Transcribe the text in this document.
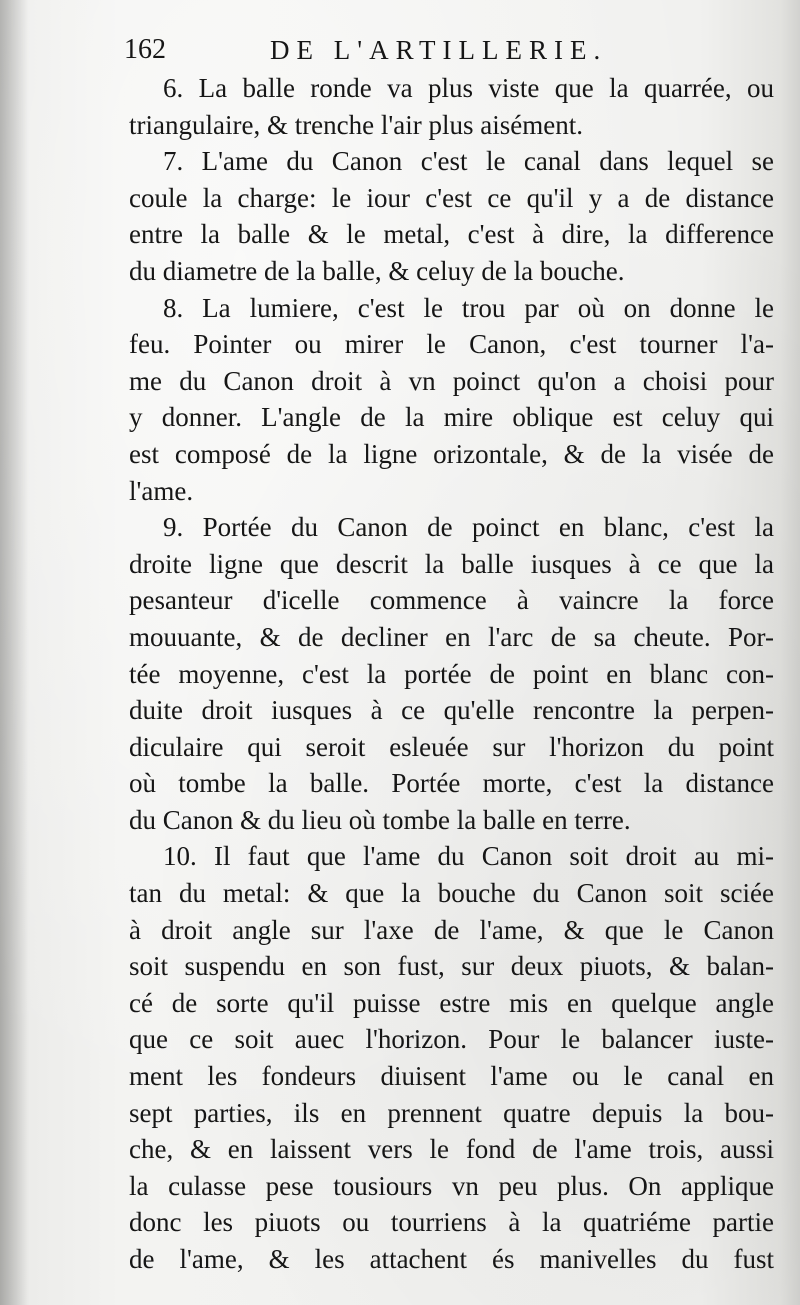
162	DE L'ARTILLERIE.
6. La balle ronde va plus viste que la quarrée, ou
triangulaire, & trenche l'air plus aisément.
7. L'ame du Canon c'est le canal dans lequel se
coule la charge: le iour c'est ce qu'il y a de distance
entre la balle & le metal, c'est à dire, la difference
du diametre de la balle, & celuy de la bouche.
8. La lumiere, c'est le trou par où on donne le
feu. Pointer ou mirer le Canon, c'est tourner l'a-
me du Canon droit à vn poinct qu'on a choisi pour
y donner. L'angle de la mire oblique est celuy qui
est composé de la ligne orizontale, & de la visée de
l'ame.
9. Portée du Canon de poinct en blanc, c'est la
droite ligne que descrit la balle iusques à ce que la
pesanteur d'icelle commence à vaincre la force
mouuante, & de decliner en l'arc de sa cheute. Por-
tée moyenne, c'est la portée de point en blanc con-
duite droit iusques à ce qu'elle rencontre la perpen-
diculaire qui seroit esleuée sur l'horizon du point
où tombe la balle. Portée morte, c'est la distance
du Canon & du lieu où tombe la balle en terre.
10. Il faut que l'ame du Canon soit droit au mi-
tan du metal: & que la bouche du Canon soit sciée
à droit angle sur l'axe de l'ame, & que le Canon
soit suspendu en son fust, sur deux piuots, & balan-
cé de sorte qu'il puisse estre mis en quelque angle
que ce soit auec l'horizon. Pour le balancer iuste-
ment les fondeurs diuisent l'ame ou le canal en
sept parties, ils en prennent quatre depuis la bou-
che, & en laissent vers le fond de l'ame trois, aussi
la culasse pese tousiours vn peu plus. On applique
donc les piuots ou tourriens à la quatriéme partie
de l'ame, & les attachent és manivelles du fust
